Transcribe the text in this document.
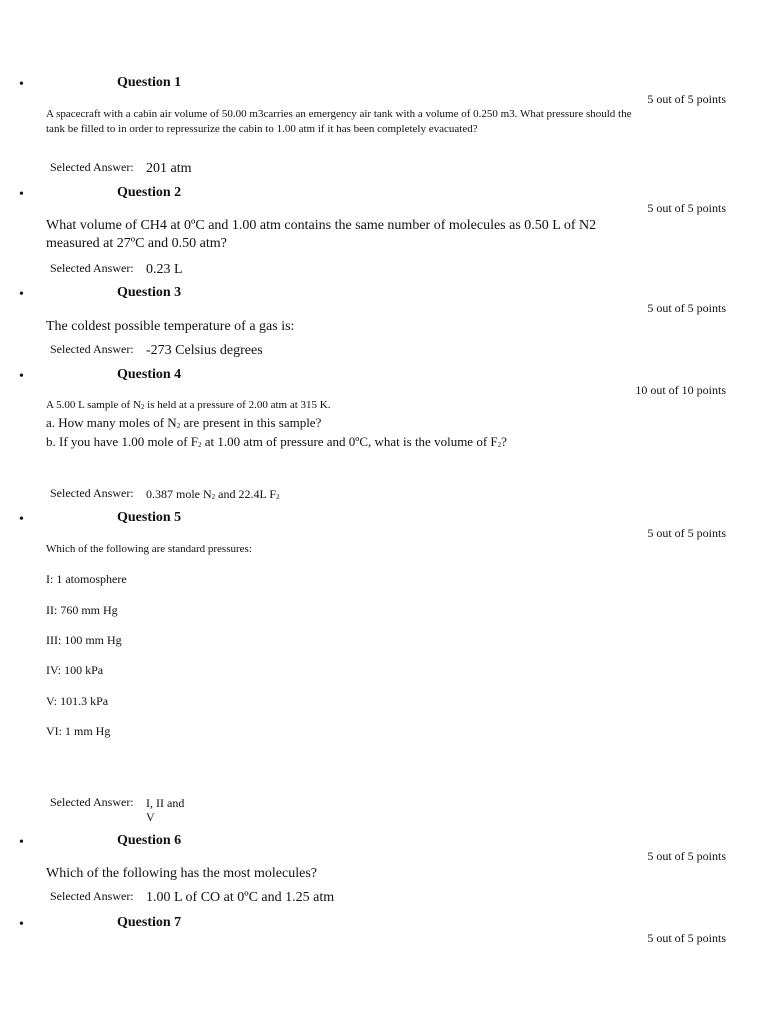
•	Question 1
5 out of 5 points
A spacecraft with a cabin air volume of 50.00 m3carries an emergency air tank with a volume of 0.250 m3. What pressure should the tank be filled to in order to repressurize the cabin to 1.00 atm if it has been completely evacuated?
Selected Answer: 201 atm
•	Question 2
5 out of 5 points
What volume of CH4 at 0ºC and 1.00 atm contains the same number of molecules as 0.50 L of N2 measured at 27ºC and 0.50 atm?
Selected Answer: 0.23 L
•	Question 3
5 out of 5 points
The coldest possible temperature of a gas is:
Selected Answer: -273 Celsius degrees
•	Question 4
10 out of 10 points
A 5.00 L sample of $N_2$ is held at a pressure of 2.00 atm at 315 K.
a. How many moles of $N_2$ are present in this sample?
b. If you have 1.00 mole of $F_2$ at 1.00 atm of pressure and 0ºC, what is the volume of $F_2$?
Selected Answer: 0.387 mole $N_2$ and 22.4L $F_2$
•	Question 5
5 out of 5 points
Which of the following are standard pressures:
I: 1 atomosphere
II: 760 mm Hg
III: 100 mm Hg
IV: 100 kPa
V: 101.3 kPa
VI: 1 mm Hg
Selected Answer: I, II and
V
•	Question 6
5 out of 5 points
Which of the following has the most molecules?
Selected Answer: 1.00 L of CO at 0ºC and 1.25 atm
•	Question 7
5 out of 5 points
